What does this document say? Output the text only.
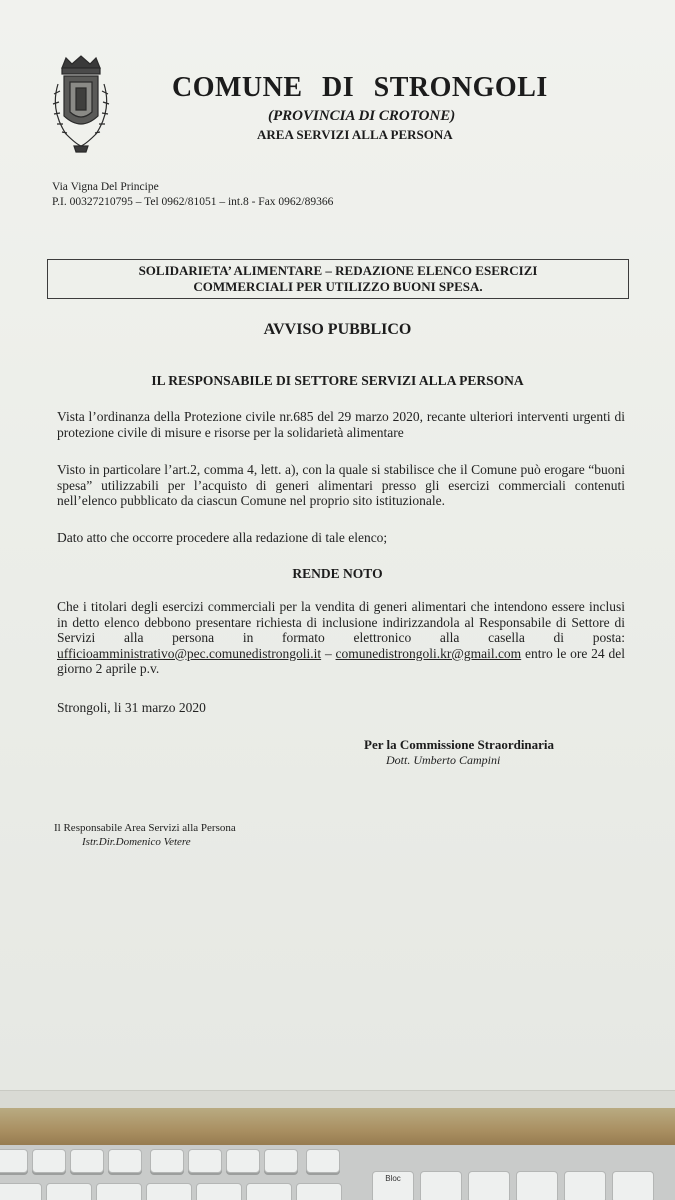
COMUNE DI STRONGOLI
(PROVINCIA DI CROTONE)
AREA SERVIZI ALLA PERSONA
Via Vigna Del Principe
P.I. 00327210795 – Tel 0962/81051 – int.8 - Fax 0962/89366
SOLIDARIETA’ ALIMENTARE – REDAZIONE ELENCO ESERCIZI
COMMERCIALI PER UTILIZZO BUONI SPESA.
AVVISO PUBBLICO
IL RESPONSABILE DI SETTORE SERVIZI ALLA PERSONA
Vista l’ordinanza della Protezione civile nr.685 del 29 marzo 2020, recante ulteriori interventi urgenti di protezione civile di misure e risorse per la solidarietà alimentare
Visto in particolare l’art.2, comma 4, lett. a), con la quale si stabilisce che il Comune può erogare “buoni spesa” utilizzabili per l’acquisto di generi alimentari presso gli esercizi commerciali contenuti nell’elenco pubblicato da ciascun Comune nel proprio sito istituzionale.
Dato atto che occorre procedere alla redazione di tale elenco;
RENDE NOTO
Che i titolari degli esercizi commerciali per la vendita di generi alimentari che intendono essere inclusi in detto elenco debbono presentare richiesta di inclusione indirizzandola al Responsabile di Settore di Servizi alla persona in formato elettronico alla casella di posta: ufficioamministrativo@pec.comunedistrongoli.it – comunedistrongoli.kr@gmail.com entro le ore 24 del giorno 2 aprile p.v.
Strongoli, li 31 marzo 2020
Per la Commissione Straordinaria
Dott. Umberto Campini
Il Responsabile Area Servizi alla Persona
Istr.Dir.Domenico Vetere
Bloc
